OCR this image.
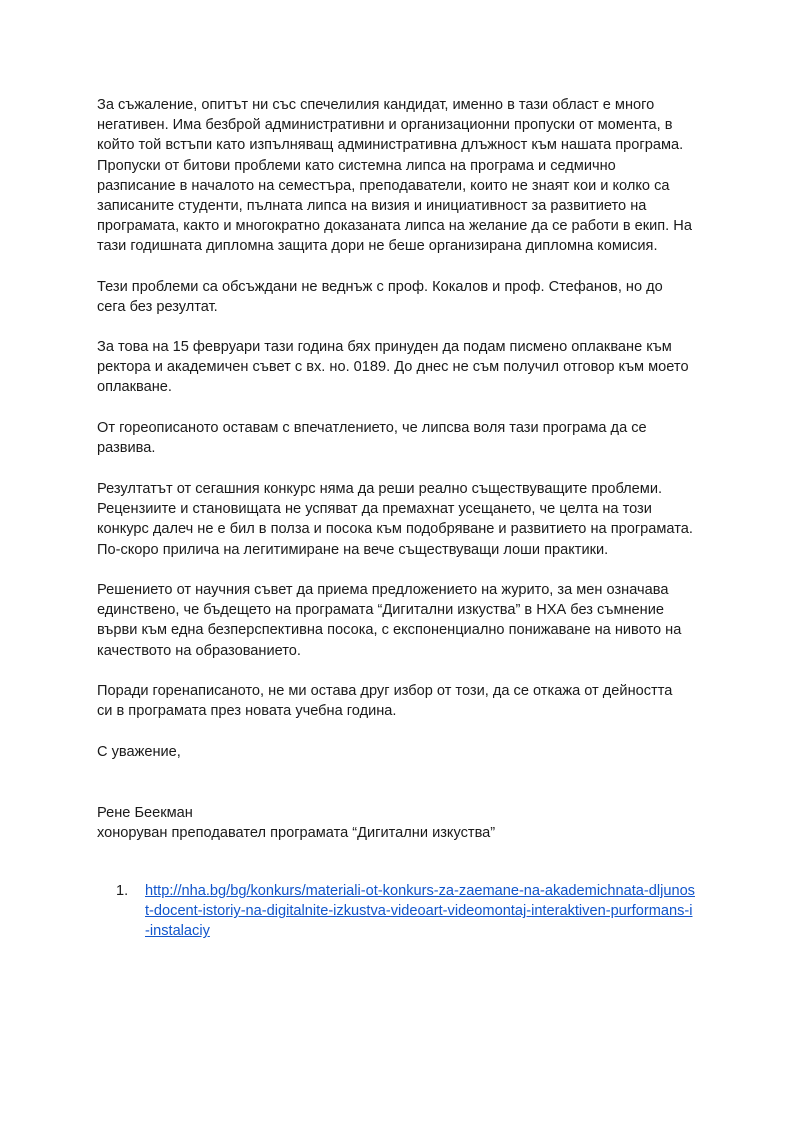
За съжаление, опитът ни със спечелилия кандидат, именно в тази област е много
негативен. Има безброй административни и организационни пропуски от момента, в
който той встъпи като изпълняващ административна длъжност към нашата програма.
Пропуски от битови проблеми като системна липса на програма и седмично
разписание в началото на семестъра, преподаватели, които не знаят кои и колко са
записаните студенти, пълната липса на визия и инициативност за развитието на
програмата, както и многократно доказаната липса на желание да се работи в екип. На
тази годишната дипломна защита дори не беше организирана дипломна комисия.

Тези проблеми са обсъждани не веднъж с проф. Кокалов и проф. Стефанов, но до
сега без резултат.

За това на 15 февруари тази година бях принуден да подам писмено оплакване към
ректора и академичен съвет с вх. но. 0189. До днес не съм получил отговор към моето
оплакване.

От гореописаното оставам с впечатлението, че липсва воля тази програма да се
развива.

Резултатът от сегашния конкурс няма да реши реално съществуващите проблеми.
Рецензиите и становищата не успяват да премахнат усещането, че целта на този
конкурс далеч не е бил в полза и посока към подобряване и развитието на програмата.
По-скоро прилича на легитимиране на вече съществуващи лоши практики.

Решението от научния съвет да приема предложението на журито, за мен означава
единствено, че бъдещето на програмата “Дигитални изкуства” в НХА без съмнение
върви към една безперспективна посока, с експоненциално понижаване на нивото на
качеството на образованието.

Поради горенаписаното, не ми остава друг избор от този, да се откажа от дейността
си в програмата през новата учебна година.

С уважение,

Рене Беекман
хоноруван преподавател програмата “Дигитални изкуства”

1. http://nha.bg/bg/konkurs/materiali-ot-konkurs-za-zaemane-na-akademichnata-dljunos
t-docent-istoriy-na-digitalnite-izkustva-videoart-videomontaj-interaktiven-purformans-i
-instalaciy
